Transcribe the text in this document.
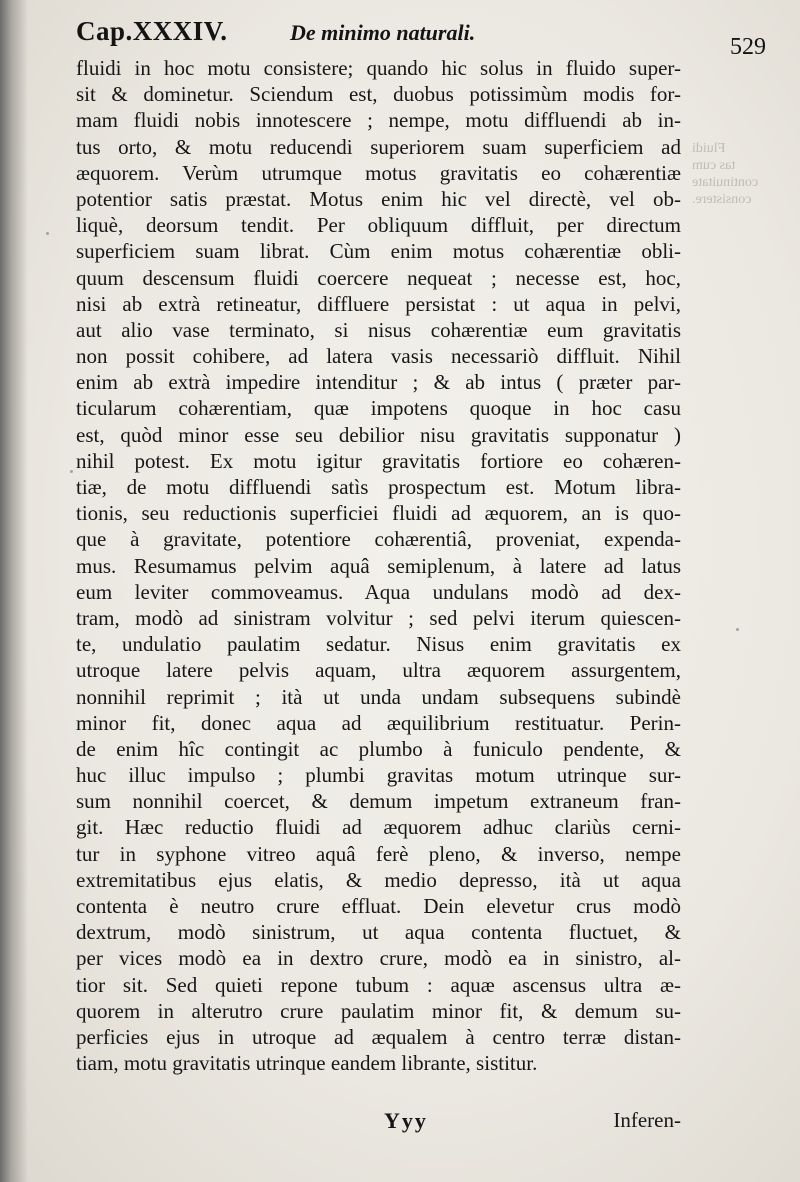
Cap.XXXIV.	De minimo naturali.
529
fluidi in hoc motu consistere; quando hic solus in fluido super-
sit & dominetur. Sciendum est, duobus potissimùm modis for-
mam fluidi nobis innotescere ; nempe, motu diffluendi ab in-
tus orto, & motu reducendi superiorem suam superficiem ad
æquorem. Verùm utrumque motus gravitatis eo cohærentiæ
potentior satis præstat. Motus enim hic vel directè, vel ob-
liquè, deorsum tendit. Per obliquum diffluit, per directum
superficiem suam librat. Cùm enim motus cohærentiæ obli-
quum descensum fluidi coercere nequeat ; necesse est, hoc,
nisi ab extrà retineatur, diffluere persistat : ut aqua in pelvi,
aut alio vase terminato, si nisus cohærentiæ eum gravitatis
non possit cohibere, ad latera vasis necessariò diffluit. Nihil
enim ab extrà impedire intenditur ; & ab intus ( præter par-
ticularum cohærentiam, quæ impotens quoque in hoc casu
est, quòd minor esse seu debilior nisu gravitatis supponatur )
nihil potest. Ex motu igitur gravitatis fortiore eo cohæren-
tiæ, de motu diffluendi satìs prospectum est. Motum libra-
tionis, seu reductionis superficiei fluidi ad æquorem, an is quo-
que à gravitate, potentiore cohærentiâ, proveniat, expenda-
mus. Resumamus pelvim aquâ semiplenum, à latere ad latus
eum leviter commoveamus. Aqua undulans modò ad dex-
tram, modò ad sinistram volvitur ; sed pelvi iterum quiescen-
te, undulatio paulatim sedatur. Nisus enim gravitatis ex
utroque latere pelvis aquam, ultra æquorem assurgentem,
nonnihil reprimit ; ità ut unda undam subsequens subindè
minor fit, donec aqua ad æquilibrium restituatur. Perin-
de enim hîc contingit ac plumbo à funiculo pendente, &
huc illuc impulso ; plumbi gravitas motum utrinque sur-
sum nonnihil coercet, & demum impetum extraneum fran-
git. Hæc reductio fluidi ad æquorem adhuc clariùs cerni-
tur in syphone vitreo aquâ ferè pleno, & inverso, nempe
extremitatibus ejus elatis, & medio depresso, ità ut aqua
contenta è neutro crure effluat. Dein elevetur crus modò
dextrum, modò sinistrum, ut aqua contenta fluctuet, &
per vices modò ea in dextro crure, modò ea in sinistro, al-
tior sit. Sed quieti repone tubum : aquæ ascensus ultra æ-
quorem in alterutro crure paulatim minor fit, & demum su-
perficies ejus in utroque ad æqualem à centro terræ distan-
tiam, motu gravitatis utrinque eandem librante, sistitur.
Fluidi
tas cum
continuitate
consistere.
Yyy	Inferen-
